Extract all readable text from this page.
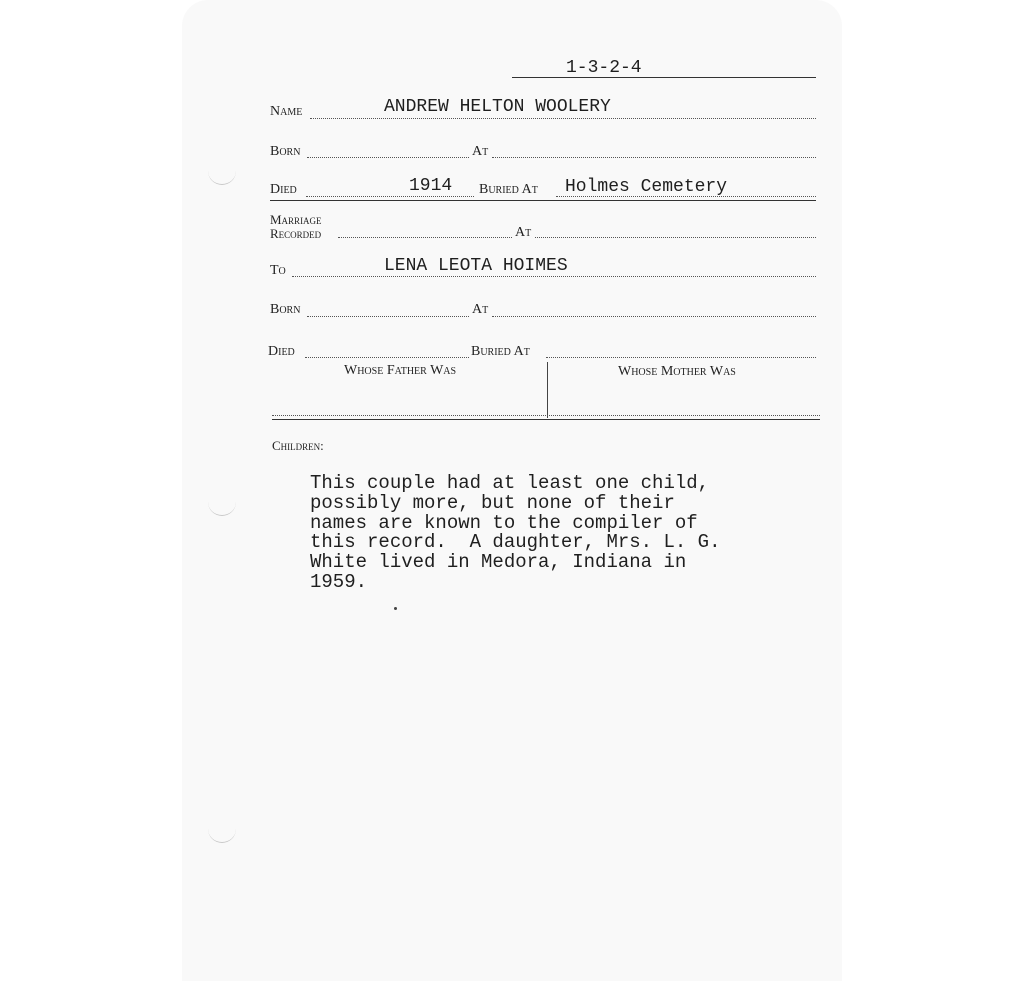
1-3-2-4
Name	ANDREW HELTON WOOLERY
Born	At
Died	1914 Buried At Holmes Cemetery
Marriage
Recorded	At
To	LENA LEOTA HOIMES
Born	At
Died	Buried At
Whose Father Was	Whose Mother Was
Children:
This couple had at least one child,
possibly more, but none of their
names are known to the compiler of
this record.  A daughter, Mrs. L. G.
White lived in Medora, Indiana in
1959.
